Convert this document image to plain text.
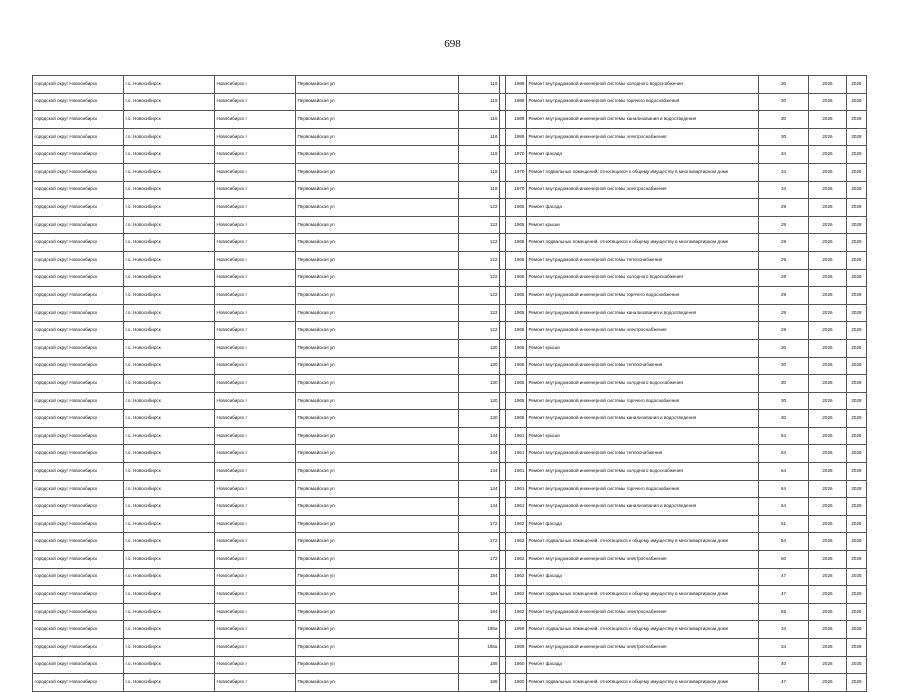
698
городской округ Новосибирск	г.о. Новосибирск	Новосибирск г	Первомайская ул	116		1989	Ремонт внутридомовой инженерной системы холодного водоснабжения	30	2026	2028
городской округ Новосибирск	г.о. Новосибирск	Новосибирск г	Первомайская ул	116		1989	Ремонт внутридомовой инженерной системы горячего водоснабжения	30	2026	2028
городской округ Новосибирск	г.о. Новосибирск	Новосибирск г	Первомайская ул	116		1989	Ремонт внутридомовой инженерной системы канализования и водоотведения	30	2026	2028
городской округ Новосибирск	г.о. Новосибирск	Новосибирск г	Первомайская ул	116		1989	Ремонт внутридомовой инженерной системы электроснабжения	30	2026	2028
городской округ Новосибирск	г.о. Новосибирск	Новосибирск г	Первомайская ул	118		1970	Ремонт фасада	34	2026	2028
городской округ Новосибирск	г.о. Новосибирск	Новосибирск г	Первомайская ул	118		1970	Ремонт подвальных помещений, относящихся к общему имуществу в многоквартирном доме	34	2026	2028
городской округ Новосибирск	г.о. Новосибирск	Новосибирск г	Первомайская ул	118		1970	Ремонт внутридомовой инженерной системы электроснабжения	34	2026	2028
городской округ Новосибирск	г.о. Новосибирск	Новосибирск г	Первомайская ул	122		1965	Ремонт фасада	29	2026	2028
городской округ Новосибирск	г.о. Новосибирск	Новосибирск г	Первомайская ул	122		1965	Ремонт крыши	29	2026	2028
городской округ Новосибирск	г.о. Новосибирск	Новосибирск г	Первомайская ул	122		1965	Ремонт подвальных помещений, относящихся к общему имуществу в многоквартирном доме	29	2026	2028
городской округ Новосибирск	г.о. Новосибирск	Новосибирск г	Первомайская ул	122		1965	Ремонт внутридомовой инженерной системы теплоснабжения	29	2026	2028
городской округ Новосибирск	г.о. Новосибирск	Новосибирск г	Первомайская ул	122		1965	Ремонт внутридомовой инженерной системы холодного водоснабжения	29	2026	2028
городской округ Новосибирск	г.о. Новосибирск	Новосибирск г	Первомайская ул	122		1965	Ремонт внутридомовой инженерной системы горячего водоснабжения	29	2026	2028
городской округ Новосибирск	г.о. Новосибирск	Новосибирск г	Первомайская ул	122		1965	Ремонт внутридомовой инженерной системы канализования и водоотведения	29	2026	2028
городской округ Новосибирск	г.о. Новосибирск	Новосибирск г	Первомайская ул	122		1965	Ремонт внутридомовой инженерной системы электроснабжения	29	2026	2028
городской округ Новосибирск	г.о. Новосибирск	Новосибирск г	Первомайская ул	130		1965	Ремонт крыши	30	2026	2028
городской округ Новосибирск	г.о. Новосибирск	Новосибирск г	Первомайская ул	130		1965	Ремонт внутридомовой инженерной системы теплоснабжения	30	2026	2028
городской округ Новосибирск	г.о. Новосибирск	Новосибирск г	Первомайская ул	130		1965	Ремонт внутридомовой инженерной системы холодного водоснабжения	30	2026	2028
городской округ Новосибирск	г.о. Новосибирск	Новосибирск г	Первомайская ул	130		1965	Ремонт внутридомовой инженерной системы горячего водоснабжения	30	2026	2028
городской округ Новосибирск	г.о. Новосибирск	Новосибирск г	Первомайская ул	130		1965	Ремонт внутридомовой инженерной системы канализования и водоотведения	30	2026	2028
городской округ Новосибирск	г.о. Новосибирск	Новосибирск г	Первомайская ул	144		1961	Ремонт крыши	64	2026	2028
городской округ Новосибирск	г.о. Новосибирск	Новосибирск г	Первомайская ул	144		1961	Ремонт внутридомовой инженерной системы теплоснабжения	64	2026	2028
городской округ Новосибирск	г.о. Новосибирск	Новосибирск г	Первомайская ул	144		1961	Ремонт внутридомовой инженерной системы холодного водоснабжения	64	2026	2028
городской округ Новосибирск	г.о. Новосибирск	Новосибирск г	Первомайская ул	144		1961	Ремонт внутридомовой инженерной системы горячего водоснабжения	64	2026	2028
городской округ Новосибирск	г.о. Новосибирск	Новосибирск г	Первомайская ул	144		1961	Ремонт внутридомовой инженерной системы канализования и водоотведения	64	2026	2028
городской округ Новосибирск	г.о. Новосибирск	Новосибирск г	Первомайская ул	172		1962	Ремонт фасада	51	2026	2028
городской округ Новосибирск	г.о. Новосибирск	Новосибирск г	Первомайская ул	172		1962	Ремонт подвальных помещений, относящихся к общему имуществу в многоквартирном доме	54	2026	2028
городской округ Новосибирск	г.о. Новосибирск	Новосибирск г	Первомайская ул	172		1962	Ремонт внутридомовой инженерной системы электроснабжения	50	2026	2028
городской округ Новосибирск	г.о. Новосибирск	Новосибирск г	Первомайская ул	184		1962	Ремонт фасада	47	2026	2028
городской округ Новосибирск	г.о. Новосибирск	Новосибирск г	Первомайская ул	184		1962	Ремонт подвальных помещений, относящихся к общему имуществу в многоквартирном доме	47	2026	2028
городской округ Новосибирск	г.о. Новосибирск	Новосибирск г	Первомайская ул	184		1962	Ремонт внутридомовой инженерной системы электроснабжения	55	2026	2028
городской округ Новосибирск	г.о. Новосибирск	Новосибирск г	Первомайская ул	186а		1959	Ремонт подвальных помещений, относящихся к общему имуществу в многоквартирном доме	34	2026	2028
городской округ Новосибирск	г.о. Новосибирск	Новосибирск г	Первомайская ул	186а		1959	Ремонт внутридомовой инженерной системы электроснабжения	34	2026	2028
городской округ Новосибирск	г.о. Новосибирск	Новосибирск г	Первомайская ул	188		1960	Ремонт фасада	40	2026	2028
городской округ Новосибирск	г.о. Новосибирск	Новосибирск г	Первомайская ул	188		1960	Ремонт подвальных помещений, относящихся к общему имуществу в многоквартирном доме	47	2026	2028
